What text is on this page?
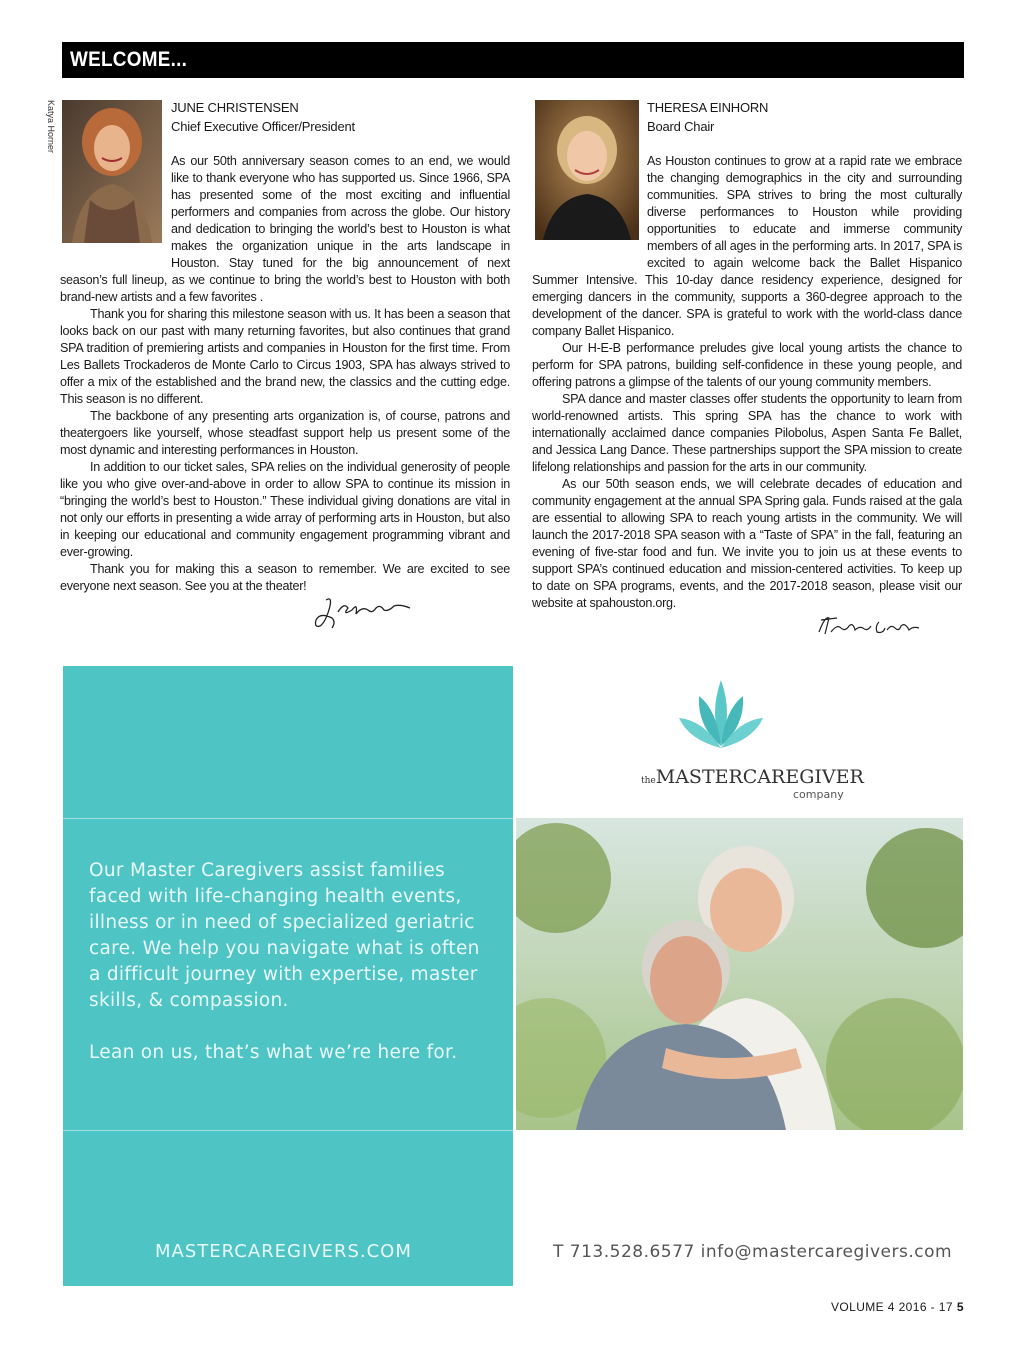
WELCOME...
Katya Horner	JUNE CHRISTENSEN
Chief Executive Officer/President

As our 50th anniversary season comes to an end, we would like to thank everyone who has supported us. Since 1966, SPA has presented some of the most exciting and influential performers and companies from across the globe. Our history and dedication to bringing the world’s best to Houston is what makes the organization unique in the arts landscape in Houston. Stay tuned for the big announcement of next season’s full lineup, as we continue to bring the world’s best to Houston with both brand-new artists and a few favorites .

Thank you for sharing this milestone season with us. It has been a season that looks back on our past with many returning favorites, but also continues that grand SPA tradition of premiering artists and companies in Houston for the first time. From Les Ballets Trockaderos de Monte Carlo to Circus 1903, SPA has always strived to offer a mix of the established and the brand new, the classics and the cutting edge. This season is no different.

The backbone of any presenting arts organization is, of course, patrons and theatergoers like yourself, whose steadfast support help us present some of the most dynamic and interesting performances in Houston.

In addition to our ticket sales, SPA relies on the individual generosity of people like you who give over-and-above in order to allow SPA to continue its mission in “bringing the world’s best to Houston.” These individual giving donations are vital in not only our efforts in presenting a wide array of performing arts in Houston, but also in keeping our educational and community engagement programming vibrant and ever-growing.

Thank you for making this a season to remember. We are excited to see everyone next season. See you at the theater!

THERESA EINHORN
Board Chair

As Houston continues to grow at a rapid rate we embrace the changing demographics in the city and surrounding communities. SPA strives to bring the most culturally diverse performances to Houston while providing opportunities to educate and immerse community members of all ages in the performing arts. In 2017, SPA is excited to again welcome back the Ballet Hispanico Summer Intensive. This 10-day dance residency experience, designed for emerging dancers in the community, supports a 360-degree approach to the development of the dancer. SPA is grateful to work with the world-class dance company Ballet Hispanico.

Our H-E-B performance preludes give local young artists the chance to perform for SPA patrons, building self-confidence in these young people, and offering patrons a glimpse of the talents of our young community members.

SPA dance and master classes offer students the opportunity to learn from world-renowned artists. This spring SPA has the chance to work with internationally acclaimed dance companies Pilobolus, Aspen Santa Fe Ballet, and Jessica Lang Dance. These partnerships support the SPA mission to create lifelong relationships and passion for the arts in our community.

As our 50th season ends, we will celebrate decades of education and community engagement at the annual SPA Spring gala. Funds raised at the gala are essential to allowing SPA to reach young artists in the community. We will launch the 2017-2018 SPA season with a “Taste of SPA” in the fall, featuring an evening of five-star food and fun. We invite you to join us at these events to support SPA’s continued education and mission-centered activities. To keep up to date on SPA programs, events, and the 2017-2018 season, please visit our website at spahouston.org.

Our Master Caregivers assist families faced with life-changing health events, illness or in need of specialized geriatric care. We help you navigate what is often a difficult journey with expertise, master skills, & compassion.

Lean on us, that’s what we’re here for.

MASTERCAREGIVERS.COM
theMASTERCAREGIVER
company
T 713.528.6577 info@mastercaregivers.com
VOLUME 4 2016 - 17 5
